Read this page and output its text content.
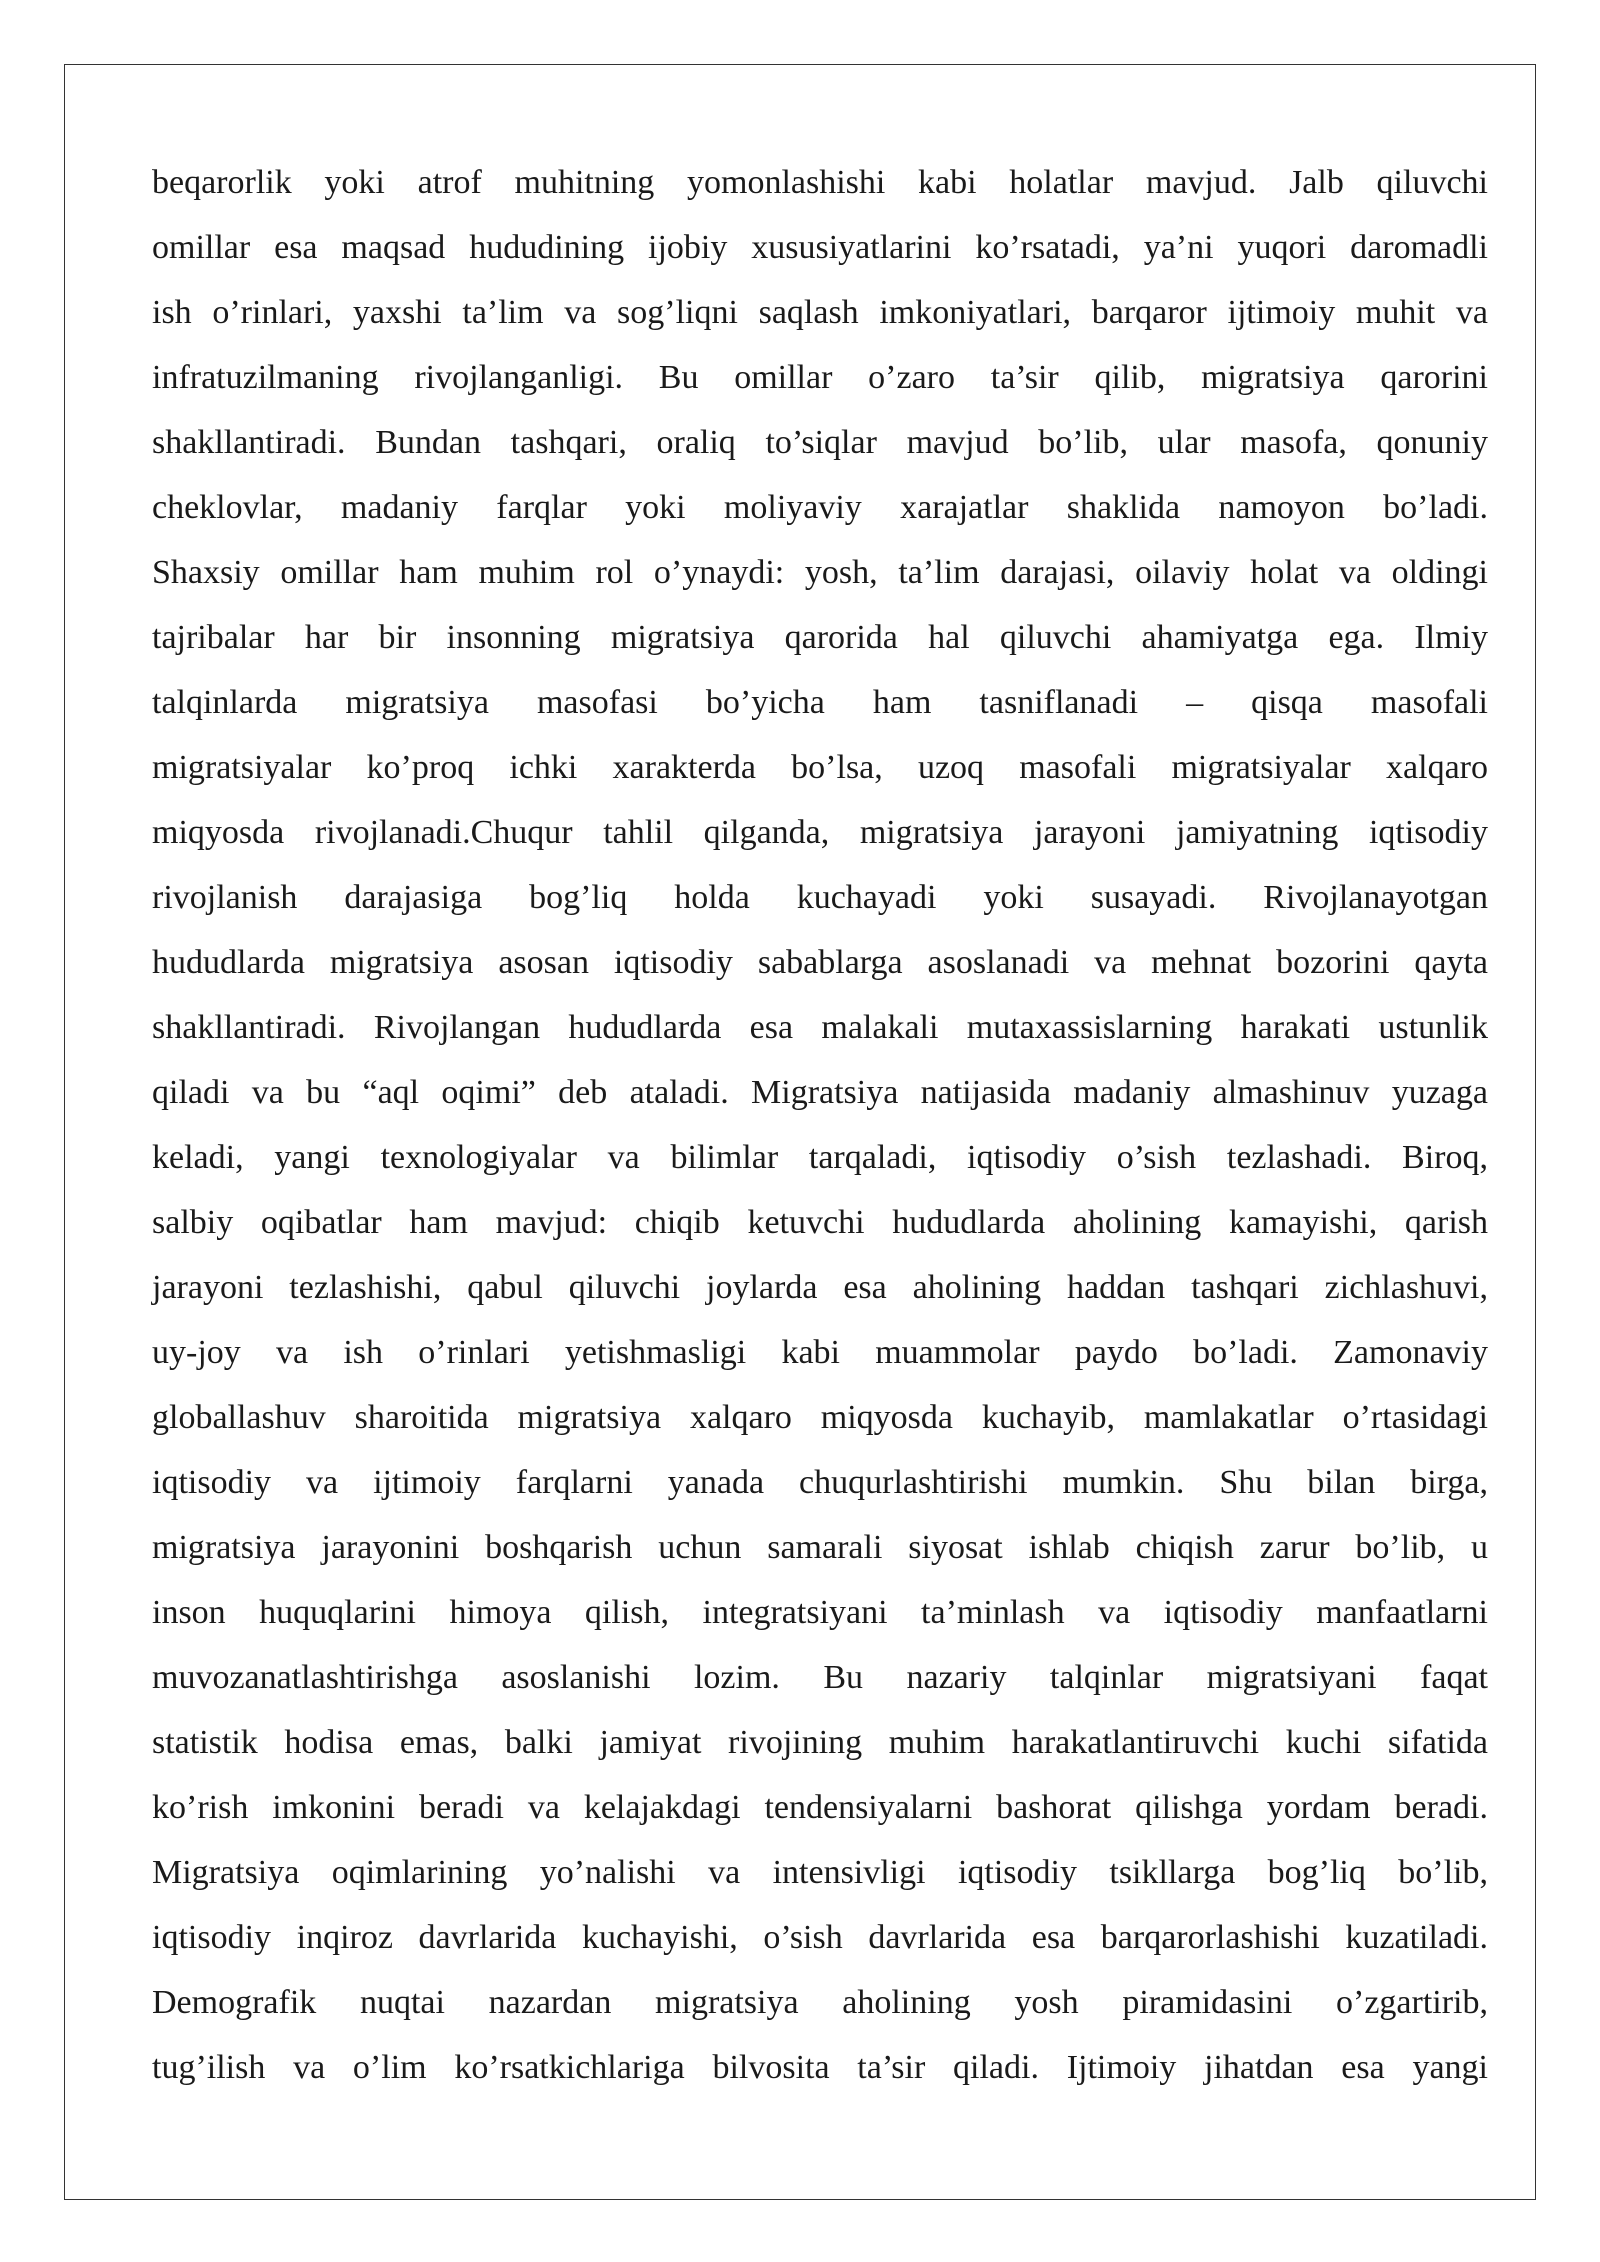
beqarorlik yoki atrof muhitning yomonlashishi kabi holatlar mavjud. Jalb qiluvchi
omillar esa maqsad hududining ijobiy xususiyatlarini ko’rsatadi, ya’ni yuqori daromadli
ish o’rinlari, yaxshi ta’lim va sog’liqni saqlash imkoniyatlari, barqaror ijtimoiy muhit va
infratuzilmaning rivojlanganligi. Bu omillar o’zaro ta’sir qilib, migratsiya qarorini
shakllantiradi. Bundan tashqari, oraliq to’siqlar mavjud bo’lib, ular masofa, qonuniy
cheklovlar, madaniy farqlar yoki moliyaviy xarajatlar shaklida namoyon bo’ladi.
Shaxsiy omillar ham muhim rol o’ynaydi: yosh, ta’lim darajasi, oilaviy holat va oldingi
tajribalar har bir insonning migratsiya qarorida hal qiluvchi ahamiyatga ega. Ilmiy
talqinlarda migratsiya masofasi bo’yicha ham tasniflanadi – qisqa masofali
migratsiyalar ko’proq ichki xarakterda bo’lsa, uzoq masofali migratsiyalar xalqaro
miqyosda rivojlanadi.Chuqur tahlil qilganda, migratsiya jarayoni jamiyatning iqtisodiy
rivojlanish darajasiga bog’liq holda kuchayadi yoki susayadi. Rivojlanayotgan
hududlarda migratsiya asosan iqtisodiy sabablarga asoslanadi va mehnat bozorini qayta
shakllantiradi. Rivojlangan hududlarda esa malakali mutaxassislarning harakati ustunlik
qiladi va bu “aql oqimi” deb ataladi. Migratsiya natijasida madaniy almashinuv yuzaga
keladi, yangi texnologiyalar va bilimlar tarqaladi, iqtisodiy o’sish tezlashadi. Biroq,
salbiy oqibatlar ham mavjud: chiqib ketuvchi hududlarda aholining kamayishi, qarish
jarayoni tezlashishi, qabul qiluvchi joylarda esa aholining haddan tashqari zichlashuvi,
uy-joy va ish o’rinlari yetishmasligi kabi muammolar paydo bo’ladi. Zamonaviy
globallashuv sharoitida migratsiya xalqaro miqyosda kuchayib, mamlakatlar o’rtasidagi
iqtisodiy va ijtimoiy farqlarni yanada chuqurlashtirishi mumkin. Shu bilan birga,
migratsiya jarayonini boshqarish uchun samarali siyosat ishlab chiqish zarur bo’lib, u
inson huquqlarini himoya qilish, integratsiyani ta’minlash va iqtisodiy manfaatlarni
muvozanatlashtirishga asoslanishi lozim. Bu nazariy talqinlar migratsiyani faqat
statistik hodisa emas, balki jamiyat rivojining muhim harakatlantiruvchi kuchi sifatida
ko’rish imkonini beradi va kelajakdagi tendensiyalarni bashorat qilishga yordam beradi.
Migratsiya oqimlarining yo’nalishi va intensivligi iqtisodiy tsikllarga bog’liq bo’lib,
iqtisodiy inqiroz davrlarida kuchayishi, o’sish davrlarida esa barqarorlashishi kuzatiladi.
Demografik nuqtai nazardan migratsiya aholining yosh piramidasini o’zgartirib,
tug’ilish va o’lim ko’rsatkichlariga bilvosita ta’sir qiladi. Ijtimoiy jihatdan esa yangi
